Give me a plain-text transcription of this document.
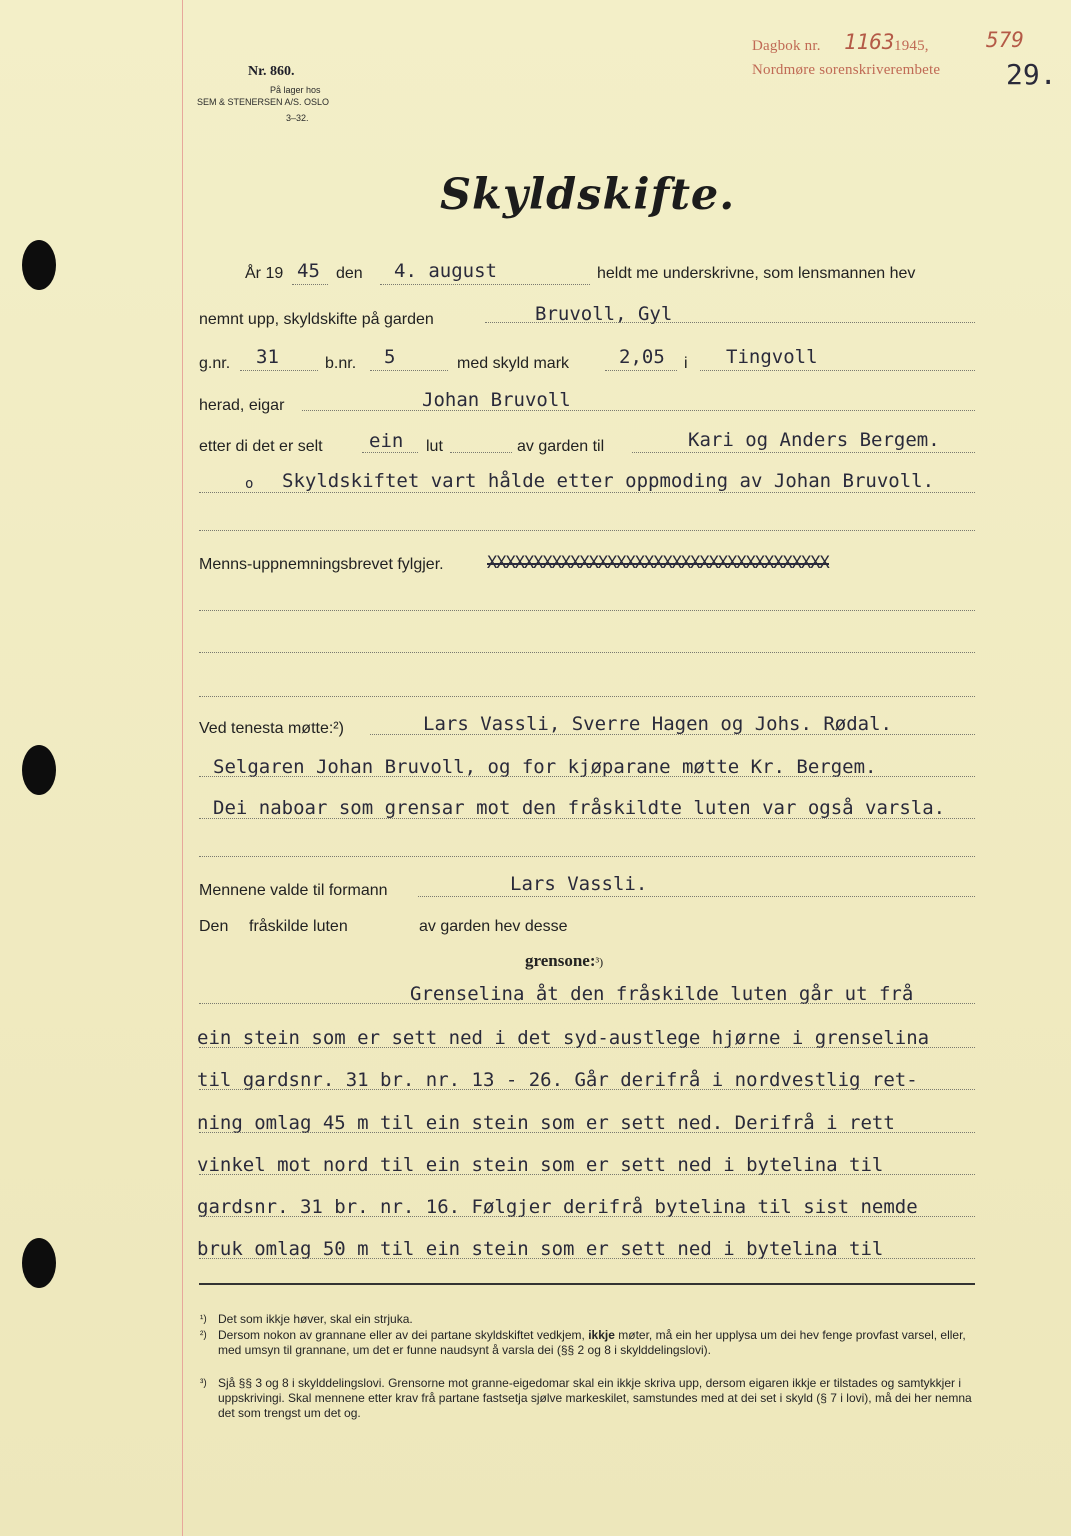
Nr. 860.
På lager hos
SEM & STENERSEN A/S. OSLO
3–32.
Dagbok nr. 1163 1945,	579
Nordmøre sorenskriverembete 29.
Skyldskifte.
År 19 45 den 4. august	heldt me underskrivne, som lensmannen hev
nemnt upp, skyldskifte på garden	Bruvoll, Gyl
g.nr. 31	b.nr. 5	med skyld mark	2,05 i Tingvoll
herad, eigar	Johan Bruvoll
etter di det er selt ein lut	av garden til	Kari og Anders Bergem.
o Skyldskiftet vart hålde etter oppmoding av Johan Bruvoll.
Menns-uppnemningsbrevet fylgjer.	XXXXXXXXXXXXXXXXXXXXXXXXXXXXXXXXXXXXX
Ved tenesta møtte:²)	Lars Vassli, Sverre Hagen og Johs. Rødal.
Selgaren Johan Bruvoll, og for kjøparane møtte Kr. Bergem.
Dei naboar som grensar mot den fråskildte luten var også varsla.
Mennene valde til formann	Lars Vassli.
Den fråskilde luten	av garden hev desse
grensone:³)
Grenselina åt den fråskilde luten går ut frå
ein stein som er sett ned i det syd-austlege hjørne i grenselina
til gardsnr. 31 br. nr. 13 - 26. Går derifrå i nordvestlig ret-
ning omlag 45 m til ein stein som er sett ned. Derifrå i rett
vinkel mot nord til ein stein som er sett ned i bytelina til
gardsnr. 31 br. nr. 16. Følgjer derifrå bytelina til sist nemde
bruk omlag 50 m til ein stein som er sett ned i bytelina til
¹) Det som ikkje høver, skal ein strjuka.
²) Dersom nokon av grannane eller av dei partane skyldskiftet vedkjem, ikkje møter, må ein her upplysa um dei hev fenge provfast varsel, eller, med umsyn til grannane, um det er funne naudsynt å varsla dei (§§ 2 og 8 i skylddelingslovi).
³) Sjå §§ 3 og 8 i skylddelingslovi. Grensorne mot granne-eigedomar skal ein ikkje skriva upp, dersom eigaren ikkje er tilstades og samtykkjer i uppskrivingi. Skal mennene etter krav frå partane fastsetja sjølve markeskilet, samstundes med at dei set i skyld (§ 7 i lovi), må dei her nemna det som trengst um det og.
